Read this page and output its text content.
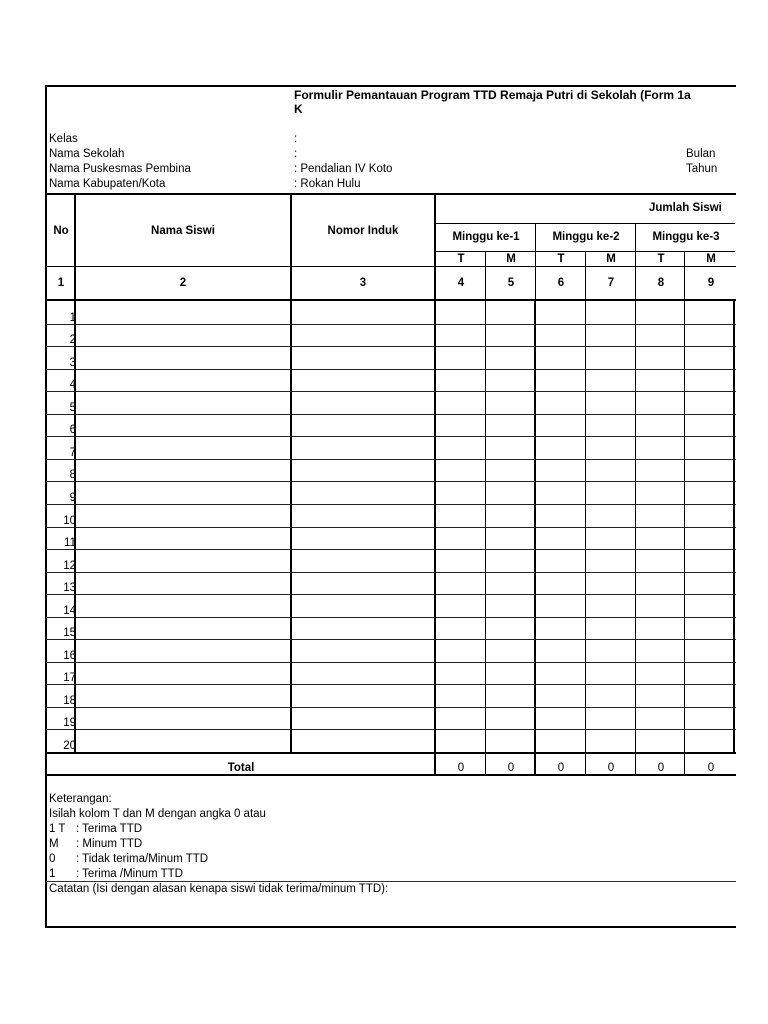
Formulir Pemantauan Program TTD Remaja Putri di Sekolah (Form 1a
K
Kelas	:
Nama Sekolah	:
Nama Puskesmas Pembina	: Pendalian IV Koto
Nama Kabupaten/Kota	: Rokan Hulu
Bulan
Tahun
No	Nama Siswi	Nomor Induk
Jumlah Siswi
Minggu ke-1	Minggu ke-2	Minggu ke-3
T	M	T	M	T	M
1	2	3	4	5	6	7	8	9
1
2
3
4
5
6
7
8
9
10
11
12
13
14
15
16
17
18
19
20
Total	0	0	0	0	0	0
Keterangan:
Isilah kolom T dan M dengan angka 0 atau
1 T : Terima TTD
M : Minum TTD
0 : Tidak terima/Minum TTD
1 : Terima /Minum TTD
Catatan (Isi dengan alasan kenapa siswi tidak terima/minum TTD):
